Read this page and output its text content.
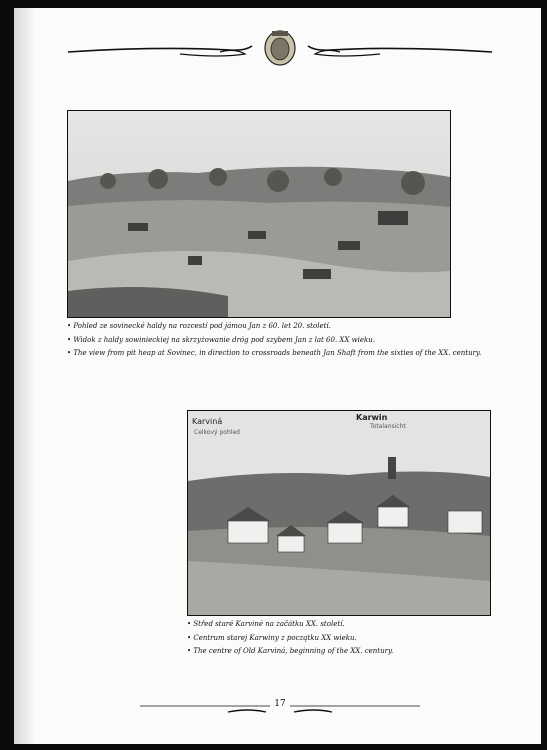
• Pohled ze sovinecké haldy na rozcestí pod jámou Jan z 60. let 20. století.
• Widok z haldy sowinieckiej na skrzyżowanie dróg pod szybem Jan z lat 60. XX wieku.
• The view from pit heap at Sovinec, in direction to crossroads beneath Jan Shaft from the sixties of the XX. century.
Karviná
Celkový pohled
Karwin
Totalansicht
• Střed staré Karviné na začátku XX. století.
• Centrum starej Karwiny z początku XX wieku.
• The centre of Old Karviná, beginning of the XX. century.
17
